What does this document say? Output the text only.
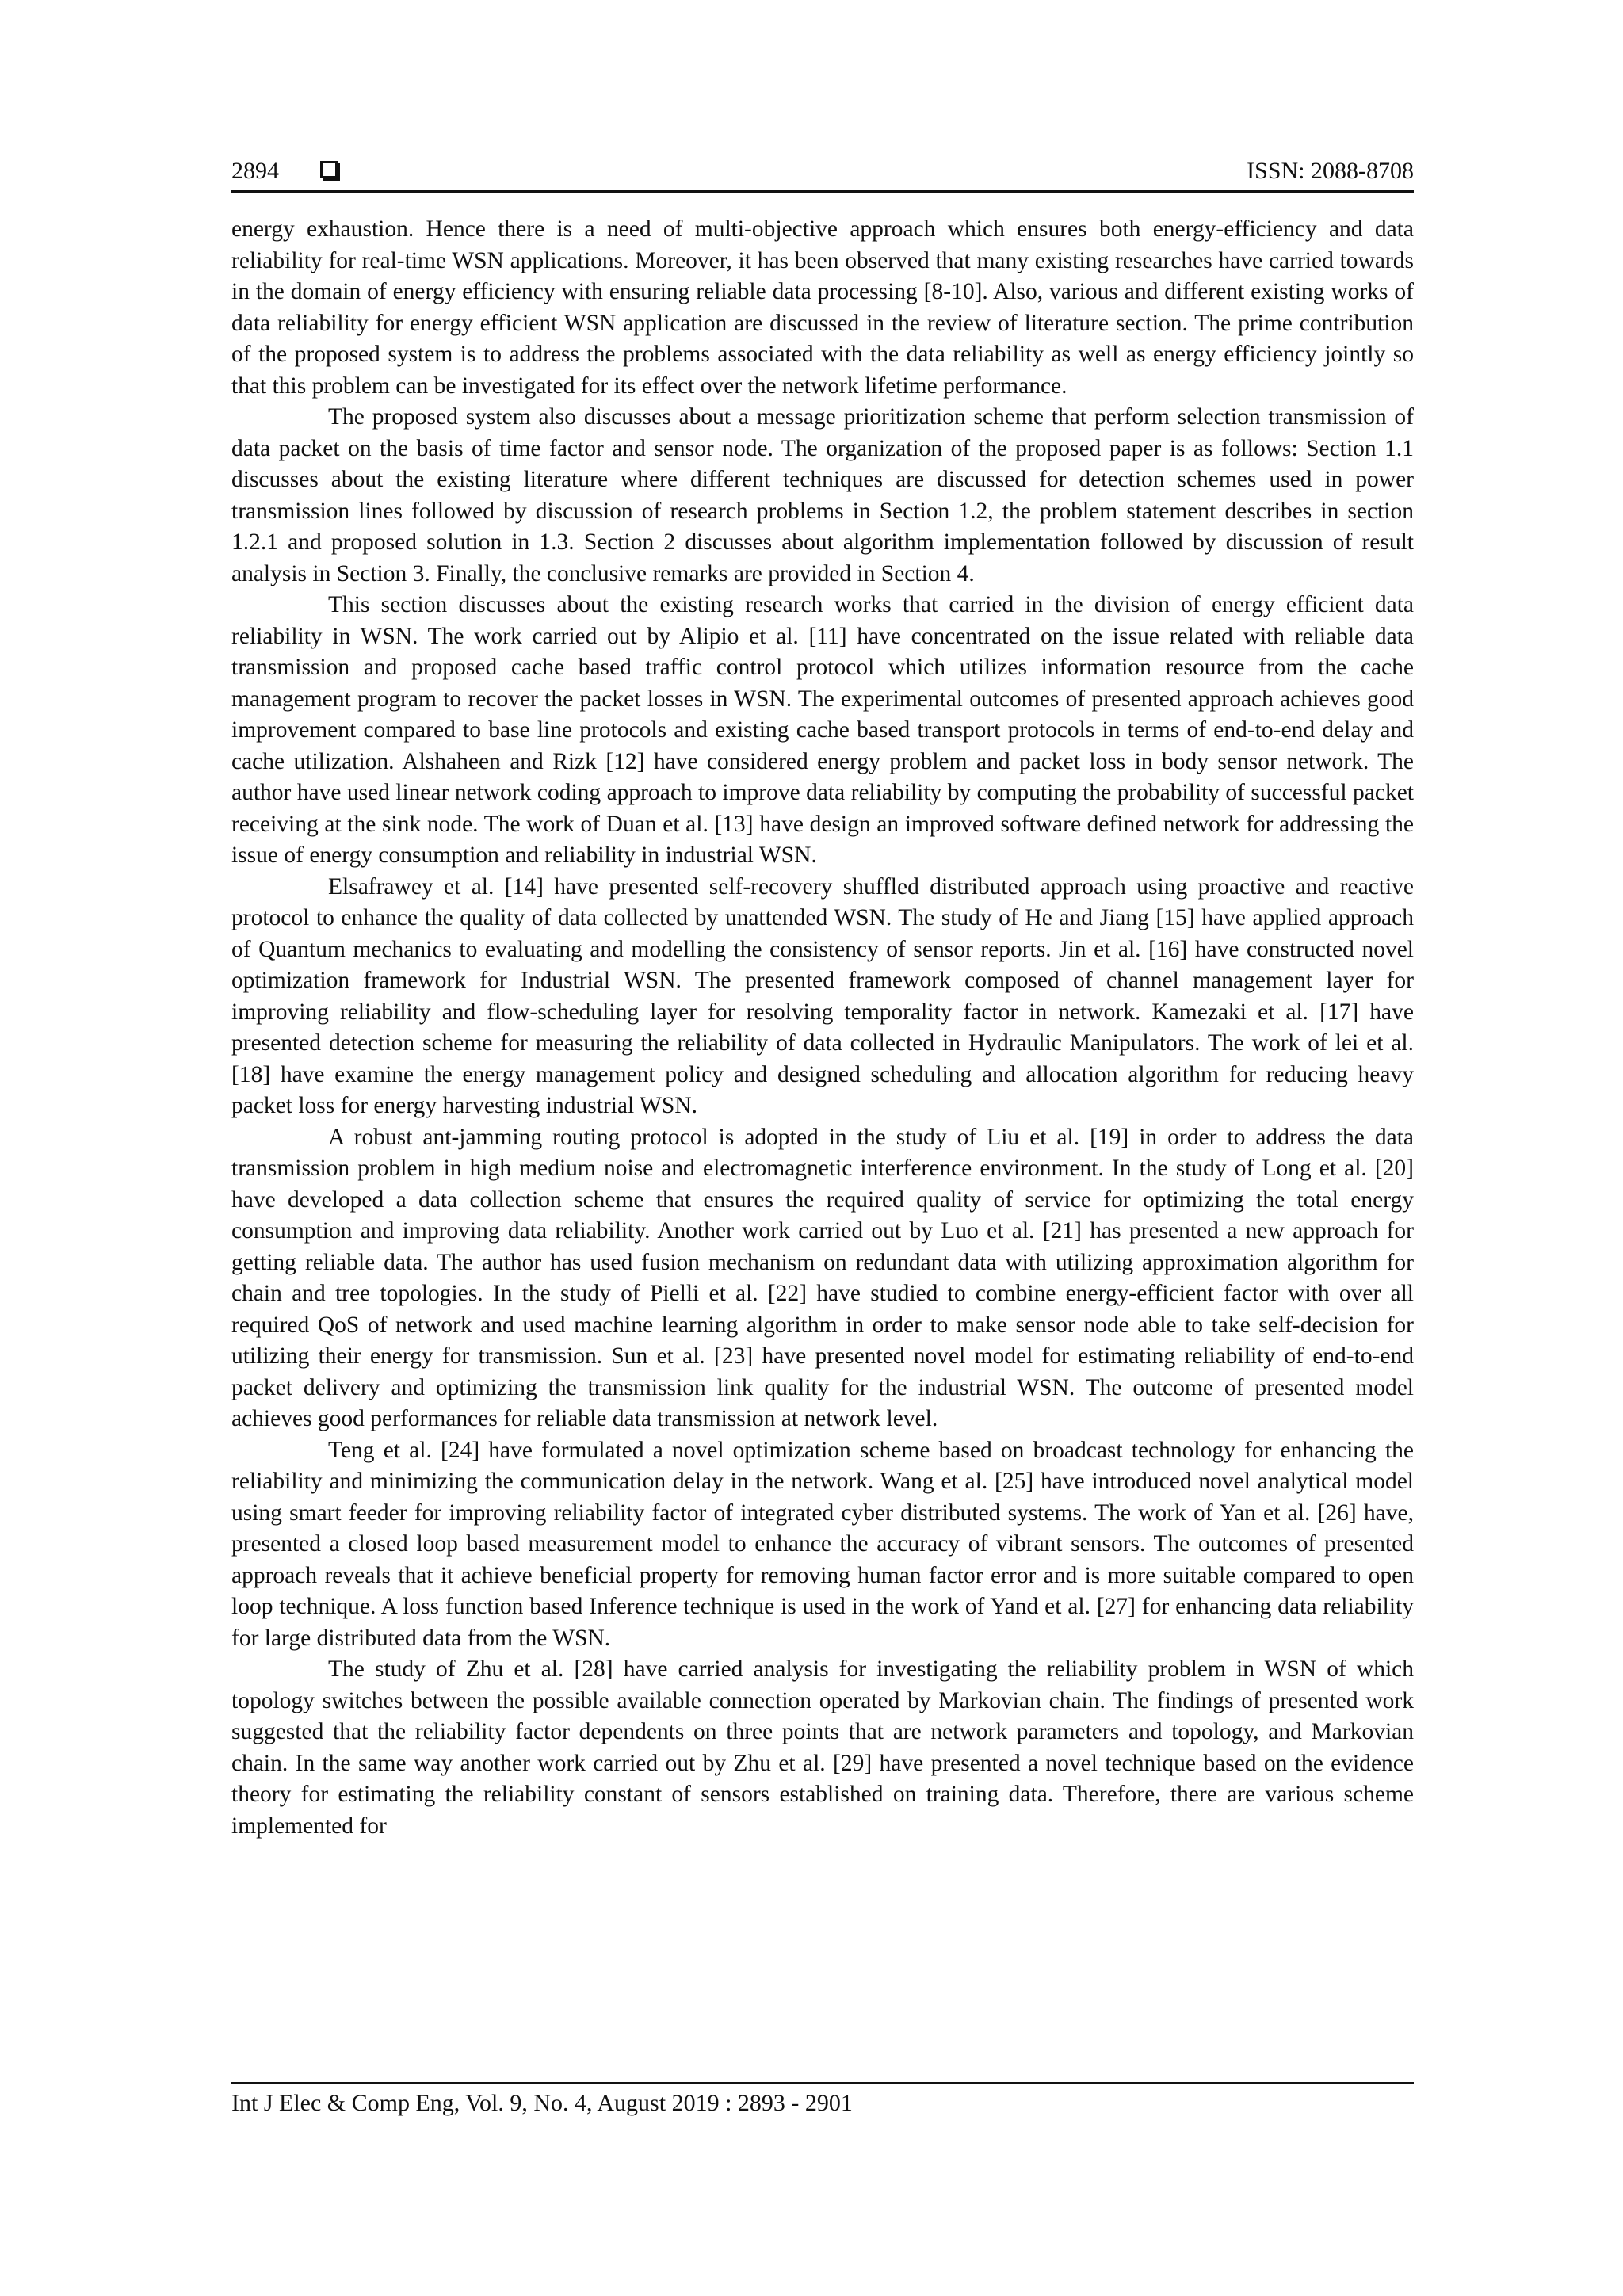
2894	ISSN: 2088-8708

energy exhaustion. Hence there is a need of multi-objective approach which ensures both energy-efficiency and data reliability for real-time WSN applications. Moreover, it has been observed that many existing researches have carried towards in the domain of energy efficiency with ensuring reliable data processing [8-10]. Also, various and different existing works of data reliability for energy efficient WSN application are discussed in the review of literature section. The prime contribution of the proposed system is to address the problems associated with the data reliability as well as energy efficiency jointly so that this problem can be investigated for its effect over the network lifetime performance.

The proposed system also discusses about a message prioritization scheme that perform selection transmission of data packet on the basis of time factor and sensor node. The organization of the proposed paper is as follows: Section 1.1 discusses about the existing literature where different techniques are discussed for detection schemes used in power transmission lines followed by discussion of research problems in Section 1.2, the problem statement describes in section 1.2.1 and proposed solution in 1.3. Section 2 discusses about algorithm implementation followed by discussion of result analysis in Section 3. Finally, the conclusive remarks are provided in Section 4.

This section discusses about the existing research works that carried in the division of energy efficient data reliability in WSN. The work carried out by Alipio et al. [11] have concentrated on the issue related with reliable data transmission and proposed cache based traffic control protocol which utilizes information resource from the cache management program to recover the packet losses in WSN. The experimental outcomes of presented approach achieves good improvement compared to base line protocols and existing cache based transport protocols in terms of end-to-end delay and cache utilization. Alshaheen and Rizk [12] have considered energy problem and packet loss in body sensor network. The author have used linear network coding approach to improve data reliability by computing the probability of successful packet receiving at the sink node. The work of Duan et al. [13] have design an improved software defined network for addressing the issue of energy consumption and reliability in industrial WSN.

Elsafrawey et al. [14] have presented self-recovery shuffled distributed approach using proactive and reactive protocol to enhance the quality of data collected by unattended WSN. The study of He and Jiang [15] have applied approach of Quantum mechanics to evaluating and modelling the consistency of sensor reports. Jin et al. [16] have constructed novel optimization framework for Industrial WSN. The presented framework composed of channel management layer for improving reliability and flow-scheduling layer for resolving temporality factor in network. Kamezaki et al. [17] have presented detection scheme for measuring the reliability of data collected in Hydraulic Manipulators. The work of lei et al. [18] have examine the energy management policy and designed scheduling and allocation algorithm for reducing heavy packet loss for energy harvesting industrial WSN.

A robust ant-jamming routing protocol is adopted in the study of Liu et al. [19] in order to address the data transmission problem in high medium noise and electromagnetic interference environment. In the study of Long et al. [20] have developed a data collection scheme that ensures the required quality of service for optimizing the total energy consumption and improving data reliability. Another work carried out by Luo et al. [21] has presented a new approach for getting reliable data. The author has used fusion mechanism on redundant data with utilizing approximation algorithm for chain and tree topologies. In the study of Pielli et al. [22] have studied to combine energy-efficient factor with over all required QoS of network and used machine learning algorithm in order to make sensor node able to take self-decision for utilizing their energy for transmission. Sun et al. [23] have presented novel model for estimating reliability of end-to-end packet delivery and optimizing the transmission link quality for the industrial WSN. The outcome of presented model achieves good performances for reliable data transmission at network level.

Teng et al. [24] have formulated a novel optimization scheme based on broadcast technology for enhancing the reliability and minimizing the communication delay in the network. Wang et al. [25] have introduced novel analytical model using smart feeder for improving reliability factor of integrated cyber distributed systems. The work of Yan et al. [26] have, presented a closed loop based measurement model to enhance the accuracy of vibrant sensors. The outcomes of presented approach reveals that it achieve beneficial property for removing human factor error and is more suitable compared to open loop technique. A loss function based Inference technique is used in the work of Yand et al. [27] for enhancing data reliability for large distributed data from the WSN.

The study of Zhu et al. [28] have carried analysis for investigating the reliability problem in WSN of which topology switches between the possible available connection operated by Markovian chain. The findings of presented work suggested that the reliability factor dependents on three points that are network parameters and topology, and Markovian chain. In the same way another work carried out by Zhu et al. [29] have presented a novel technique based on the evidence theory for estimating the reliability constant of sensors established on training data. Therefore, there are various scheme implemented for

Int J Elec & Comp Eng, Vol. 9, No. 4, August 2019 : 2893 - 2901
